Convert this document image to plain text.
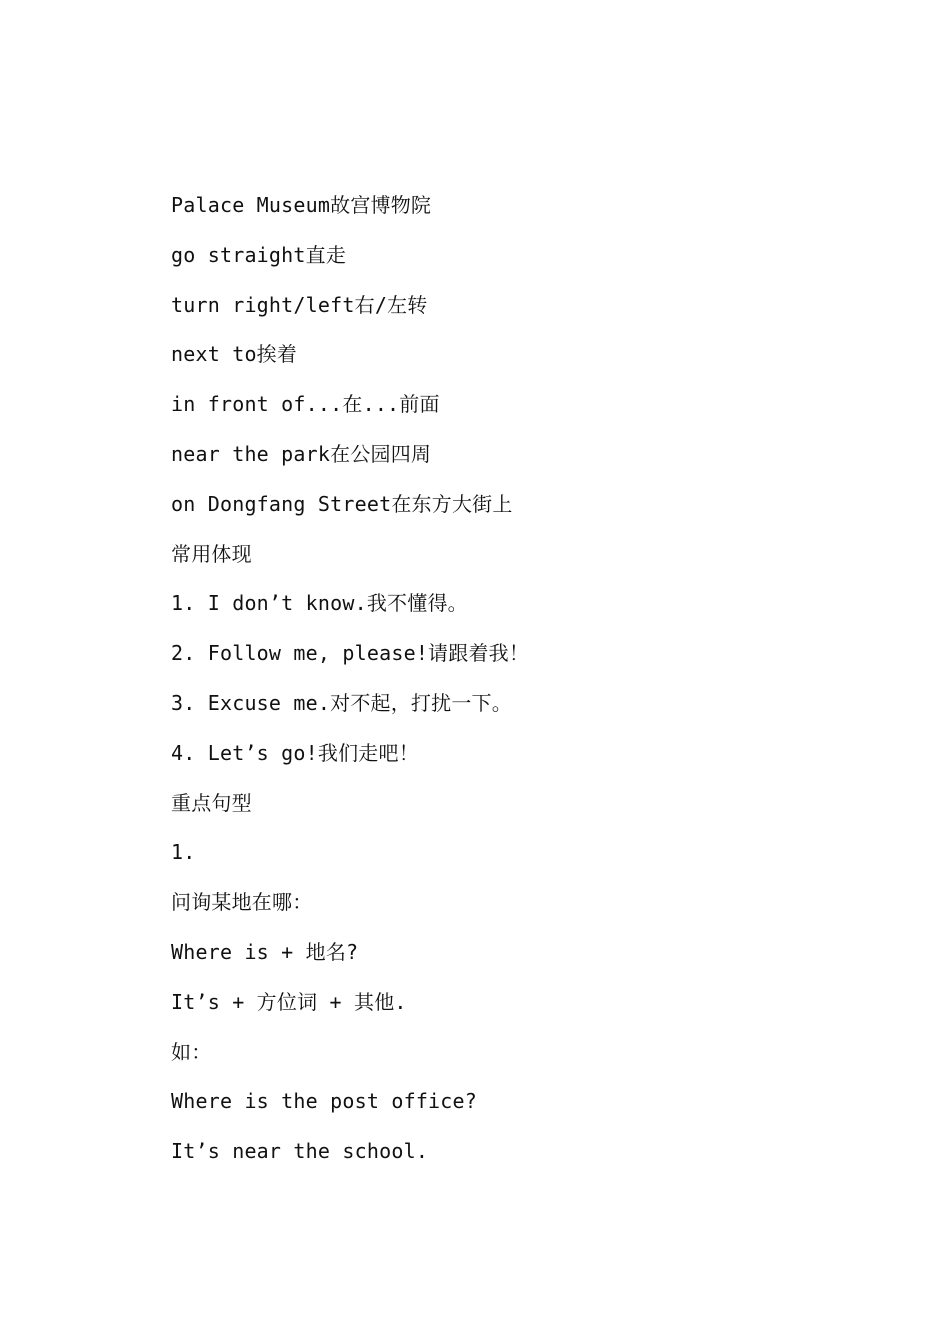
Palace Museum故宫博物院
go straight直走
turn right/left右/左转
next to挨着
in front of...在...前面
near the park在公园四周
on Dongfang Street在东方大街上
常用体现
1. I don’t know.我不懂得。
2. Follow me, please!请跟着我！
3. Excuse me.对不起，打扰一下。
4. Let’s go!我们走吧！
重点句型
1.
问询某地在哪：
Where is + 地名?
It’s + 方位词 + 其他.
如：
Where is the post office?
It’s near the school.
